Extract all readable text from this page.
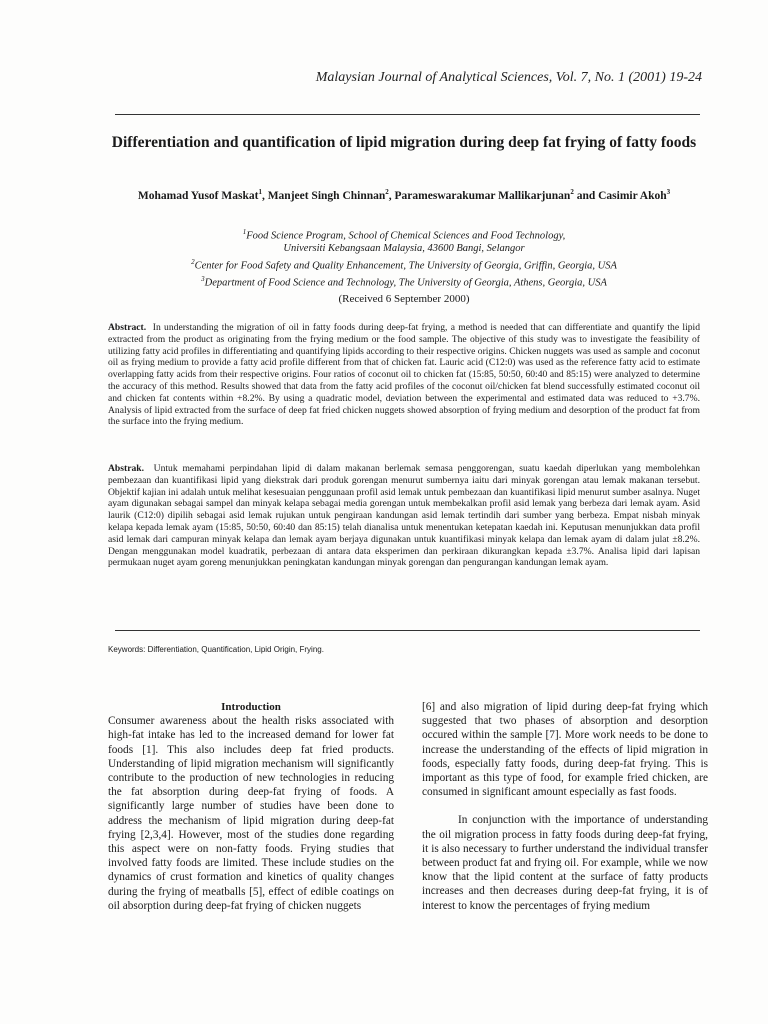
Malaysian Journal of Analytical Sciences, Vol. 7, No. 1 (2001) 19-24
Differentiation and quantification of lipid migration during deep fat frying of fatty foods
Mohamad Yusof Maskat$^1$, Manjeet Singh Chinnan$^2$, Parameswarakumar Mallikarjunan$^2$ and Casimir Akoh$^3$
$^1$Food Science Program, School of Chemical Sciences and Food Technology,
Universiti Kebangsaan Malaysia, 43600 Bangi, Selangor
$^2$Center for Food Safety and Quality Enhancement, The University of Georgia, Griffin, Georgia, USA
$^3$Department of Food Science and Technology, The University of Georgia, Athens, Georgia, USA
(Received 6 September 2000)
Abstract. In understanding the migration of oil in fatty foods during deep-fat frying, a method is needed that can differentiate and quantify the lipid extracted from the product as originating from the frying medium or the food sample. The objective of this study was to investigate the feasibility of utilizing fatty acid profiles in differentiating and quantifying lipids according to their respective origins. Chicken nuggets was used as sample and coconut oil as frying medium to provide a fatty acid profile different from that of chicken fat. Lauric acid (C12:0) was used as the reference fatty acid to estimate overlapping fatty acids from their respective origins. Four ratios of coconut oil to chicken fat (15:85, 50:50, 60:40 and 85:15) were analyzed to determine the accuracy of this method. Results showed that data from the fatty acid profiles of the coconut oil/chicken fat blend successfully estimated coconut oil and chicken fat contents within +8.2%. By using a quadratic model, deviation between the experimental and estimated data was reduced to +3.7%. Analysis of lipid extracted from the surface of deep fat fried chicken nuggets showed absorption of frying medium and desorption of the product fat from the surface into the frying medium.
Abstrak. Untuk memahami perpindahan lipid di dalam makanan berlemak semasa penggorengan, suatu kaedah diperlukan yang membolehkan pembezaan dan kuantifikasi lipid yang diekstrak dari produk gorengan menurut sumbernya iaitu dari minyak gorengan atau lemak makanan tersebut. Objektif kajian ini adalah untuk melihat kesesuaian penggunaan profil asid lemak untuk pembezaan dan kuantifikasi lipid menurut sumber asalnya. Nuget ayam digunakan sebagai sampel dan minyak kelapa sebagai media gorengan untuk membekalkan profil asid lemak yang berbeza dari lemak ayam. Asid laurik (C12:0) dipilih sebagai asid lemak rujukan untuk pengiraan kandungan asid lemak tertindih dari sumber yang berbeza. Empat nisbah minyak kelapa kepada lemak ayam (15:85, 50:50, 60:40 dan 85:15) telah dianalisa untuk menentukan ketepatan kaedah ini. Keputusan menunjukkan data profil asid lemak dari campuran minyak kelapa dan lemak ayam berjaya digunakan untuk kuantifikasi minyak kelapa dan lemak ayam di dalam julat ±8.2%. Dengan menggunakan model kuadratik, perbezaan di antara data eksperimen dan perkiraan dikurangkan kepada ±3.7%. Analisa lipid dari lapisan permukaan nuget ayam goreng menunjukkan peningkatan kandungan minyak gorengan dan pengurangan kandungan lemak ayam.
Keywords: Differentiation, Quantification, Lipid Origin, Frying.

Introduction

Consumer awareness about the health risks associated with high-fat intake has led to the increased demand for lower fat foods [1]. This also includes deep fat fried products. Understanding of lipid migration mechanism will significantly contribute to the production of new technologies in reducing the fat absorption during deep-fat frying of foods. A significantly large number of studies have been done to address the mechanism of lipid migration during deep-fat frying [2,3,4]. However, most of the studies done regarding this aspect were on non-fatty foods. Frying studies that involved fatty foods are limited. These include studies on the dynamics of crust formation and kinetics of quality changes during the frying of meatballs [5], effect of edible coatings on oil absorption during deep-fat frying of chicken nuggets

[6] and also migration of lipid during deep-fat frying which suggested that two phases of absorption and desorption occured within the sample [7]. More work needs to be done to increase the understanding of the effects of lipid migration in foods, especially fatty foods, during deep-fat frying. This is important as this type of food, for example fried chicken, are consumed in significant amount especially as fast foods.

In conjunction with the importance of understanding the oil migration process in fatty foods during deep-fat frying, it is also necessary to further understand the individual transfer between product fat and frying oil. For example, while we now know that the lipid content at the surface of fatty products increases and then decreases during deep-fat frying, it is of interest to know the percentages of frying medium
